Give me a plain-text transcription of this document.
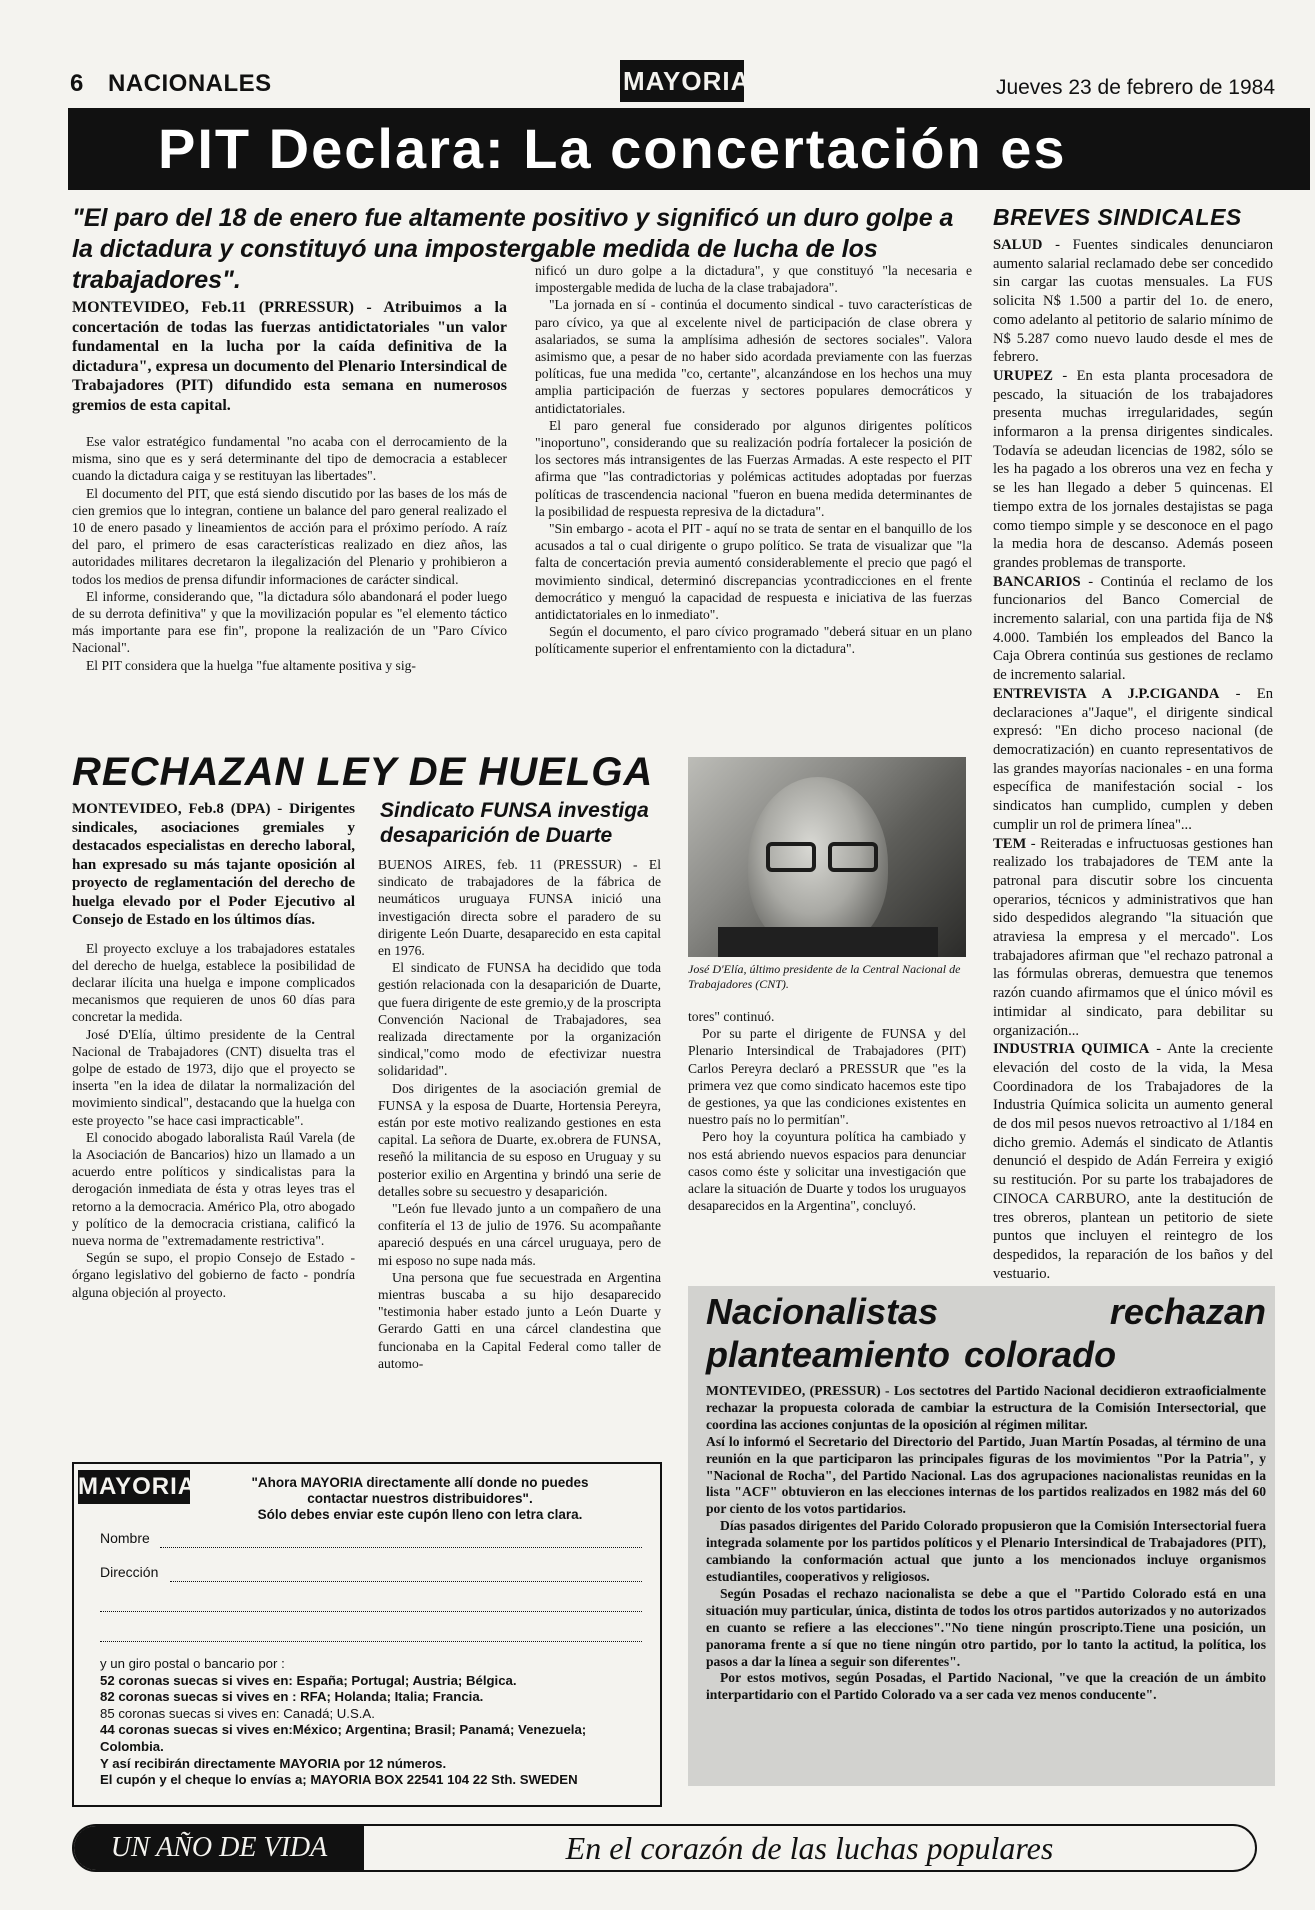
6 NACIONALES	MAYORIA	Jueves 23 de febrero de 1984
PIT Declara: La concertación es
"El paro del 18 de enero fue altamente positivo y significó un duro golpe a la dictadura y constituyó una impostergable medida de lucha de los trabajadores".
MONTEVIDEO, Feb.11 (PRRESSUR) - Atribuimos a la concertación de todas las fuerzas antidictatoriales "un valor fundamental en la lucha por la caída definitiva de la dictadura", expresa un documento del Plenario Intersindical de Trabajadores (PIT) difundido esta semana en numerosos gremios de esta capital.

Ese valor estratégico fundamental "no acaba con el derrocamiento de la misma, sino que es y será determinante del tipo de democracia a establecer cuando la dictadura caiga y se restituyan las libertades".

El documento del PIT, que está siendo discutido por las bases de los más de cien gremios que lo integran, contiene un balance del paro general realizado el 10 de enero pasado y lineamientos de acción para el próximo período. A raíz del paro, el primero de esas características realizado en diez años, las autoridades militares decretaron la ilegalización del Plenario y prohibieron a todos los medios de prensa difundir informaciones de carácter sindical.

El informe, considerando que, "la dictadura sólo abandonará el poder luego de su derrota definitiva" y que la movilización popular es "el elemento táctico más importante para ese fin", propone la realización de un "Paro Cívico Nacional".

El PIT considera que la huelga "fue altamente positiva y sig-

nificó un duro golpe a la dictadura", y que constituyó "la necesaria e impostergable medida de lucha de la clase trabajadora".

"La jornada en sí - continúa el documento sindical - tuvo características de paro cívico, ya que al excelente nivel de participación de clase obrera y asalariados, se suma la amplísima adhesión de sectores sociales". Valora asimismo que, a pesar de no haber sido acordada previamente con las fuerzas políticas, fue una medida "co, certante", alcanzándose en los hechos una muy amplia participación de fuerzas y sectores populares democráticos y antidictatoriales.

El paro general fue considerado por algunos dirigentes políticos "inoportuno", considerando que su realización podría fortalecer la posición de los sectores más intransigentes de las Fuerzas Armadas. A este respecto el PIT afirma que "las contradictorias y polémicas actitudes adoptadas por fuerzas políticas de trascendencia nacional "fueron en buena medida determinantes de la posibilidad de respuesta represiva de la dictadura".

"Sin embargo - acota el PIT - aquí no se trata de sentar en el banquillo de los acusados a tal o cual dirigente o grupo político. Se trata de visualizar que "la falta de concertación previa aumentó considerablemente el precio que pagó el movimiento sindical, determinó discrepancias ycontradicciones en el frente democrático y menguó la capacidad de respuesta e iniciativa de las fuerzas antidictatoriales en lo inmediato".

Según el documento, el paro cívico programado "deberá situar en un plano políticamente superior el enfrentamiento con la dictadura".

BREVES SINDICALES

SALUD - Fuentes sindicales denunciaron aumento salarial reclamado debe ser concedido sin cargar las cuotas mensuales. La FUS solicita N$ 1.500 a partir del 1o. de enero, como adelanto al petitorio de salario mínimo de N$ 5.287 como nuevo laudo desde el mes de febrero.

URUPEZ - En esta planta procesadora de pescado, la situación de los trabajadores presenta muchas irregularidades, según informaron a la prensa dirigentes sindicales. Todavía se adeudan licencias de 1982, sólo se les ha pagado a los obreros una vez en fecha y se les han llegado a deber 5 quincenas. El tiempo extra de los jornales destajistas se paga como tiempo simple y se desconoce en el pago la media hora de descanso. Además poseen grandes problemas de transporte.

BANCARIOS - Continúa el reclamo de los funcionarios del Banco Comercial de incremento salarial, con una partida fija de N$ 4.000. También los empleados del Banco la Caja Obrera continúa sus gestiones de reclamo de incremento salarial.

ENTREVISTA A J.P.CIGANDA - En declaraciones a"Jaque", el dirigente sindical expresó: "En dicho proceso nacional (de democratización) en cuanto representativos de las grandes mayorías nacionales - en una forma específica de manifestación social - los sindicatos han cumplido, cumplen y deben cumplir un rol de primera línea"...

TEM - Reiteradas e infructuosas gestiones han realizado los trabajadores de TEM ante la patronal para discutir sobre los cincuenta operarios, técnicos y administrativos que han sido despedidos alegrando "la situación que atraviesa la empresa y el mercado". Los trabajadores afirman que "el rechazo patronal a las fórmulas obreras, demuestra que tenemos razón cuando afirmamos que el único móvil es intimidar al sindicato, para debilitar su organización...

INDUSTRIA QUIMICA - Ante la creciente elevación del costo de la vida, la Mesa Coordinadora de los Trabajadores de la Industria Química solicita un aumento general de dos mil pesos nuevos retroactivo al 1/184 en dicho gremio. Además el sindicato de Atlantis denunció el despido de Adán Ferreira y exigió su restitución. Por su parte los trabajadores de CINOCA CARBURO, ante la destitución de tres obreros, plantean un petitorio de siete puntos que incluyen el reintegro de los despedidos, la reparación de los baños y del vestuario.

RECHAZAN LEY DE HUELGA
MONTEVIDEO, Feb.8 (DPA) - Dirigentes sindicales, asociaciones gremiales y destacados especialistas en derecho laboral, han expresado su más tajante oposición al proyecto de reglamentación del derecho de huelga elevado por el Poder Ejecutivo al Consejo de Estado en los últimos días.

El proyecto excluye a los trabajadores estatales del derecho de huelga, establece la posibilidad de declarar ilícita una huelga e impone complicados mecanismos que requieren de unos 60 días para concretar la medida.

José D'Elía, último presidente de la Central Nacional de Trabajadores (CNT) disuelta tras el golpe de estado de 1973, dijo que el proyecto se inserta "en la idea de dilatar la normalización del movimiento sindical", destacando que la huelga con este proyecto "se hace casi impracticable".

El conocido abogado laboralista Raúl Varela (de la Asociación de Bancarios) hizo un llamado a un acuerdo entre políticos y sindicalistas para la derogación inmediata de ésta y otras leyes tras el retorno a la democracia. Américo Pla, otro abogado y político de la democracia cristiana, calificó la nueva norma de "extremadamente restrictiva".

Según se supo, el propio Consejo de Estado - órgano legislativo del gobierno de facto - pondría alguna objeción al proyecto.

Sindicato FUNSA investiga desaparición de Duarte

BUENOS AIRES, feb. 11 (PRESSUR) - El sindicato de trabajadores de la fábrica de neumáticos uruguaya FUNSA inició una investigación directa sobre el paradero de su dirigente León Duarte, desaparecido en esta capital en 1976.

El sindicato de FUNSA ha decidido que toda gestión relacionada con la desaparición de Duarte, que fuera dirigente de este gremio,y de la proscripta Convención Nacional de Trabajadores, sea realizada directamente por la organización sindical,"como modo de efectivizar nuestra solidaridad".

Dos dirigentes de la asociación gremial de FUNSA y la esposa de Duarte, Hortensia Pereyra, están por este motivo realizando gestiones en esta capital. La señora de Duarte, ex.obrera de FUNSA, reseñó la militancia de su esposo en Uruguay y su posterior exilio en Argentina y brindó una serie de detalles sobre su secuestro y desaparición.

"León fue llevado junto a un compañero de una confitería el 13 de julio de 1976. Su acompañante apareció después en una cárcel uruguaya, pero de mi esposo no supe nada más.

Una persona que fue secuestrada en Argentina mientras buscaba a su hijo desaparecido "testimonia haber estado junto a León Duarte y Gerardo Gatti en una cárcel clandestina que funcionaba en la Capital Federal como taller de automo-

José D'Elía, último presidente de la Central Nacional de Trabajadores (CNT).

tores" continuó.

Por su parte el dirigente de FUNSA y del Plenario Intersindical de Trabajadores (PIT) Carlos Pereyra declaró a PRESSUR que "es la primera vez que como sindicato hacemos este tipo de gestiones, ya que las condiciones existentes en nuestro país no lo permitían".

Pero hoy la coyuntura política ha cambiado y nos está abriendo nuevos espacios para denunciar casos como éste y solicitar una investigación que aclare la situación de Duarte y todos los uruguayos desaparecidos en la Argentina", concluyó.

Nacionalistas	rechazan
planteamiento colorado

MONTEVIDEO, (PRESSUR) - Los sectotres del Partido Nacional decidieron extraoficialmente rechazar la propuesta colorada de cambiar la estructura de la Comisión Intersectorial, que coordina las acciones conjuntas de la oposición al régimen militar.

Así lo informó el Secretario del Directorio del Partido, Juan Martín Posadas, al término de una reunión en la que participaron las principales figuras de los movimientos "Por la Patria", y "Nacional de Rocha", del Partido Nacional. Las dos agrupaciones nacionalistas reunidas en la lista "ACF" obtuvieron en las elecciones internas de los partidos realizados en 1982 más del 60 por ciento de los votos partidarios.

Días pasados dirigentes del Parido Colorado propusieron que la Comisión Intersectorial fuera integrada solamente por los partidos políticos y el Plenario Intersindical de Trabajadores (PIT), cambiando la conformación actual que junto a los mencionados incluye organismos estudiantiles, cooperativos y religiosos.

Según Posadas el rechazo nacionalista se debe a que el "Partido Colorado está en una situación muy particular, única, distinta de todos los otros partidos autorizados y no autorizados en cuanto se refiere a las elecciones"."No tiene ningún proscripto.Tiene una posición, un panorama frente a sí que no tiene ningún otro partido, por lo tanto la actitud, la política, los pasos a dar la línea a seguir son diferentes".

Por estos motivos, según Posadas, el Partido Nacional, "ve que la creación de un ámbito interpartidario con el Partido Colorado va a ser cada vez menos conducente".

MAYORIA	"Ahora MAYORIA directamente allí donde no puedes
contactar nuestros distribuidores".
Sólo debes enviar este cupón lleno con letra clara.
Nombre
Dirección
y un giro postal o bancario por :
52 coronas suecas si vives en: España; Portugal; Austria; Bélgica.
82 coronas suecas si vives en : RFA; Holanda; Italia; Francia.
85 coronas suecas si vives en: Canadá; U.S.A.
44 coronas suecas si vives en:México; Argentina; Brasil; Panamá; Venezuela; Colombia.
Y así recibirán directamente MAYORIA por 12 números.
El cupón y el cheque lo envías a; MAYORIA BOX 22541 104 22 Sth. SWEDEN
UN AÑO DE VIDA	En el corazón de las luchas populares
